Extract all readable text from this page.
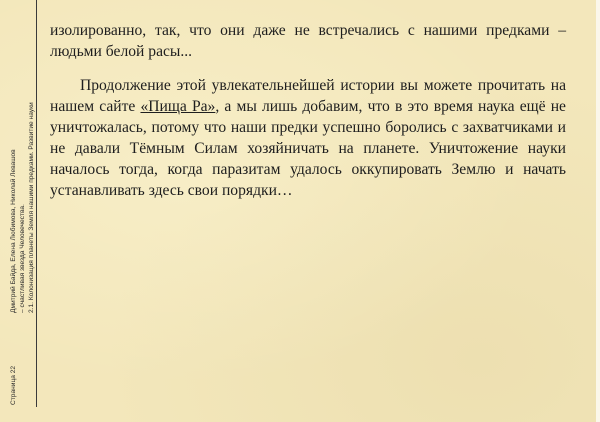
Страница 22Дмитрий Байда, Елена Любимова, Николай Левашов – счастливая звезда Человечества. 2.1. Колонизация планеты Земля нашими предками. Развитие науки

изолированно, так, что они даже не встречались с нашими предками – людьми белой расы...

Продолжение этой увлекательнейшей истории вы можете прочитать на нашем сайте «Пища Ра», а мы лишь добавим, что в это время наука ещё не уничтожалась, потому что наши предки успешно боролись с захватчиками и не давали Тёмным Силам хозяйничать на планете. Уничтожение науки началось тогда, когда паразитам удалось оккупировать Землю и начать устанавливать здесь свои порядки…
